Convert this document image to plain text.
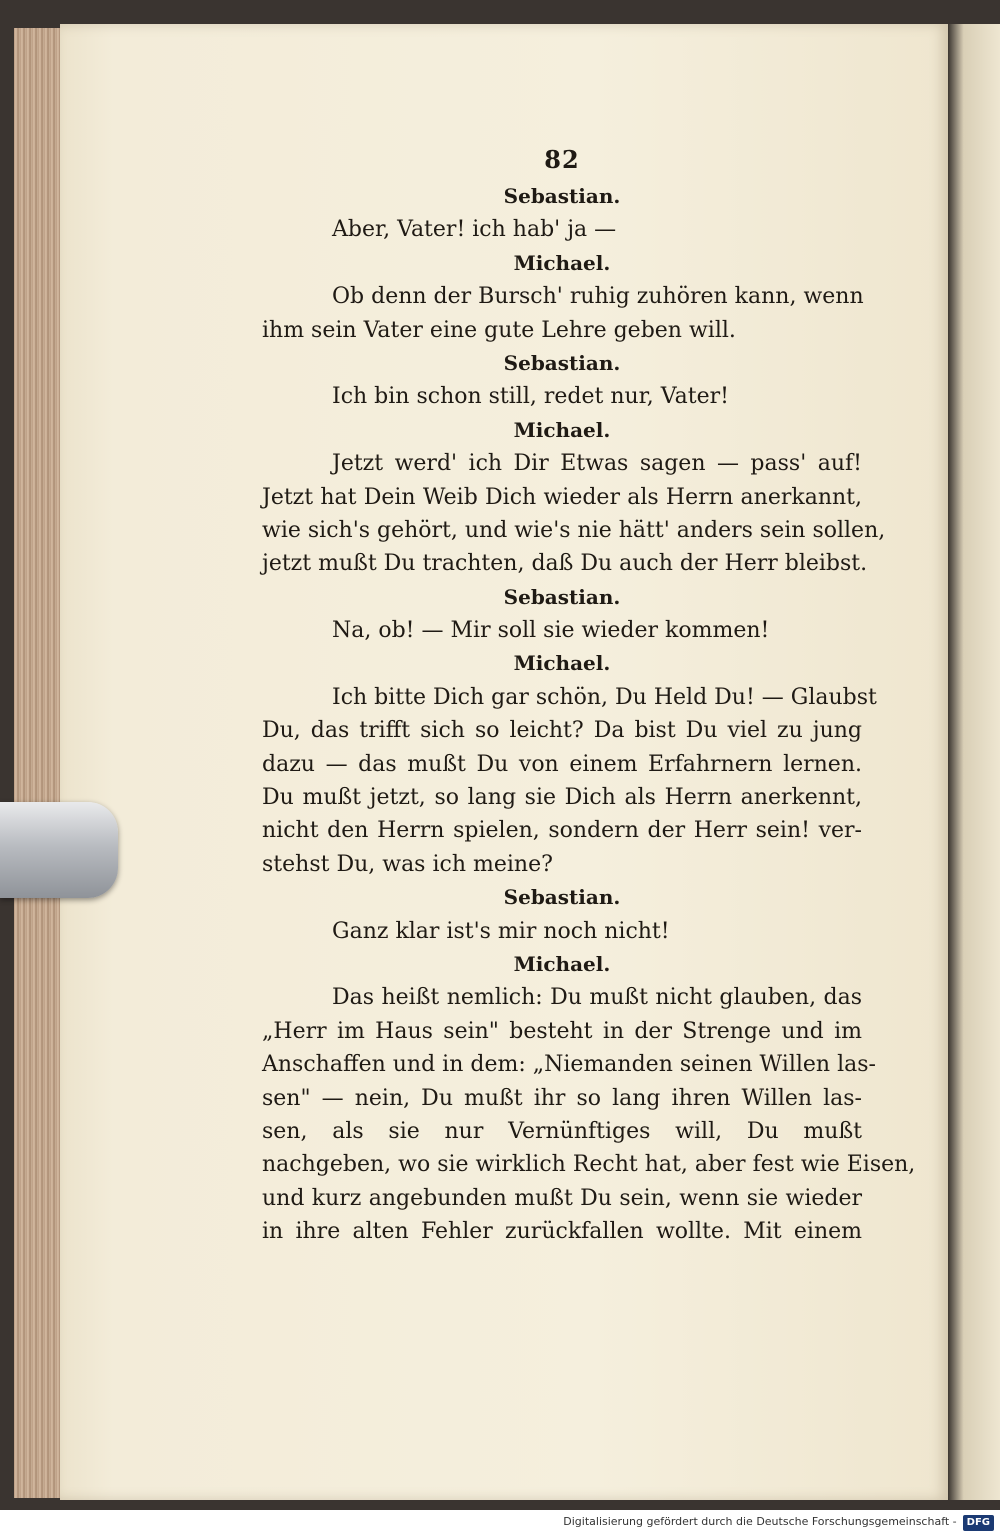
82
Sebastian.
Aber, Vater! ich hab' ja —
Michael.
Ob denn der Bursch' ruhig zuhören kann, wenn
ihm sein Vater eine gute Lehre geben will.
Sebastian.
Ich bin schon still, redet nur, Vater!
Michael.
Jetzt werd' ich Dir Etwas sagen — pass' auf!
Jetzt hat Dein Weib Dich wieder als Herrn anerkannt,
wie sich's gehört, und wie's nie hätt' anders sein sollen,
jetzt mußt Du trachten, daß Du auch der Herr bleibst.
Sebastian.
Na, ob! — Mir soll sie wieder kommen!
Michael.
Ich bitte Dich gar schön, Du Held Du! — Glaubst
Du, das trifft sich so leicht? Da bist Du viel zu jung
dazu — das mußt Du von einem Erfahrnern lernen.
Du mußt jetzt, so lang sie Dich als Herrn anerkennt,
nicht den Herrn spielen, sondern der Herr sein! ver-
stehst Du, was ich meine?
Sebastian.
Ganz klar ist's mir noch nicht!
Michael.
Das heißt nemlich: Du mußt nicht glauben, das
„Herr im Haus sein" besteht in der Strenge und im
Anschaffen und in dem: „Niemanden seinen Willen las-
sen" — nein, Du mußt ihr so lang ihren Willen las-
sen, als sie nur Vernünftiges will, Du mußt
nachgeben, wo sie wirklich Recht hat, aber fest wie Eisen,
und kurz angebunden mußt Du sein, wenn sie wieder
in ihre alten Fehler zurückfallen wollte. Mit einem
Digitalisierung gefördert durch die Deutsche Forschungsgemeinschaft - DFG
